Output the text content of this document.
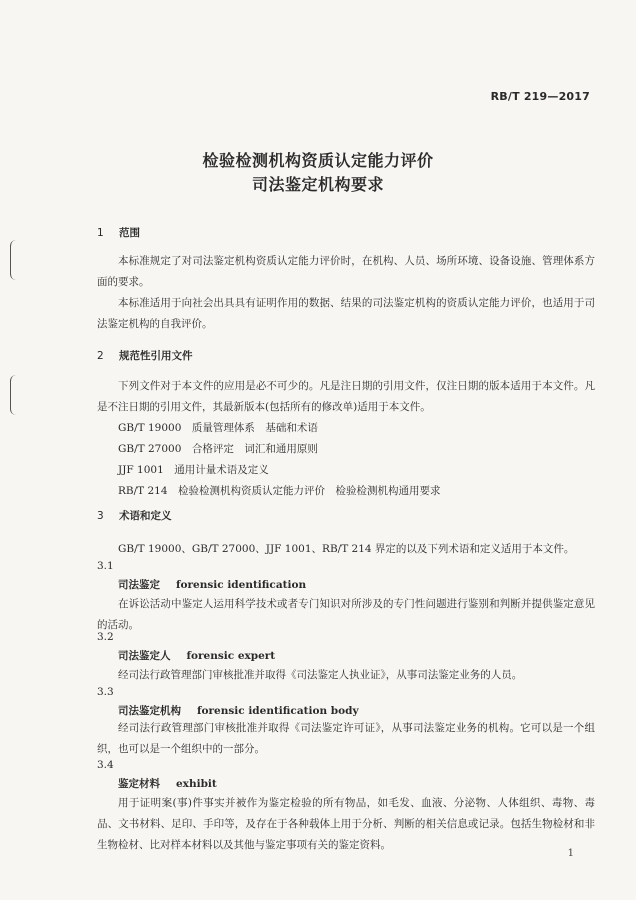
RB/T 219—2017
检验检测机构资质认定能力评价
司法鉴定机构要求
1 范围
本标准规定了对司法鉴定机构资质认定能力评价时，在机构、人员、场所环境、设备设施、管理体系方面的要求。
本标准适用于向社会出具具有证明作用的数据、结果的司法鉴定机构的资质认定能力评价，也适用于司法鉴定机构的自我评价。
2 规范性引用文件
下列文件对于本文件的应用是必不可少的。凡是注日期的引用文件，仅注日期的版本适用于本文件。凡是不注日期的引用文件，其最新版本(包括所有的修改单)适用于本文件。
GB/T 19000　质量管理体系　基础和术语
GB/T 27000　合格评定　词汇和通用原则
JJF 1001　通用计量术语及定义
RB/T 214　检验检测机构资质认定能力评价　检验检测机构通用要求
3 术语和定义
GB/T 19000、GB/T 27000、JJF 1001、RB/T 214 界定的以及下列术语和定义适用于本文件。
3.1
司法鉴定 forensic identification
在诉讼活动中鉴定人运用科学技术或者专门知识对所涉及的专门性问题进行鉴别和判断并提供鉴定意见的活动。
3.2
司法鉴定人 forensic expert
经司法行政管理部门审核批准并取得《司法鉴定人执业证》，从事司法鉴定业务的人员。
3.3
司法鉴定机构 forensic identification body
经司法行政管理部门审核批准并取得《司法鉴定许可证》，从事司法鉴定业务的机构。它可以是一个组织，也可以是一个组织中的一部分。
3.4
鉴定材料 exhibit
用于证明案(事)件事实并被作为鉴定检验的所有物品，如毛发、血液、分泌物、人体组织、毒物、毒品、文书材料、足印、手印等，及存在于各种载体上用于分析、判断的相关信息或记录。包括生物检材和非生物检材、比对样本材料以及其他与鉴定事项有关的鉴定资料。
1
